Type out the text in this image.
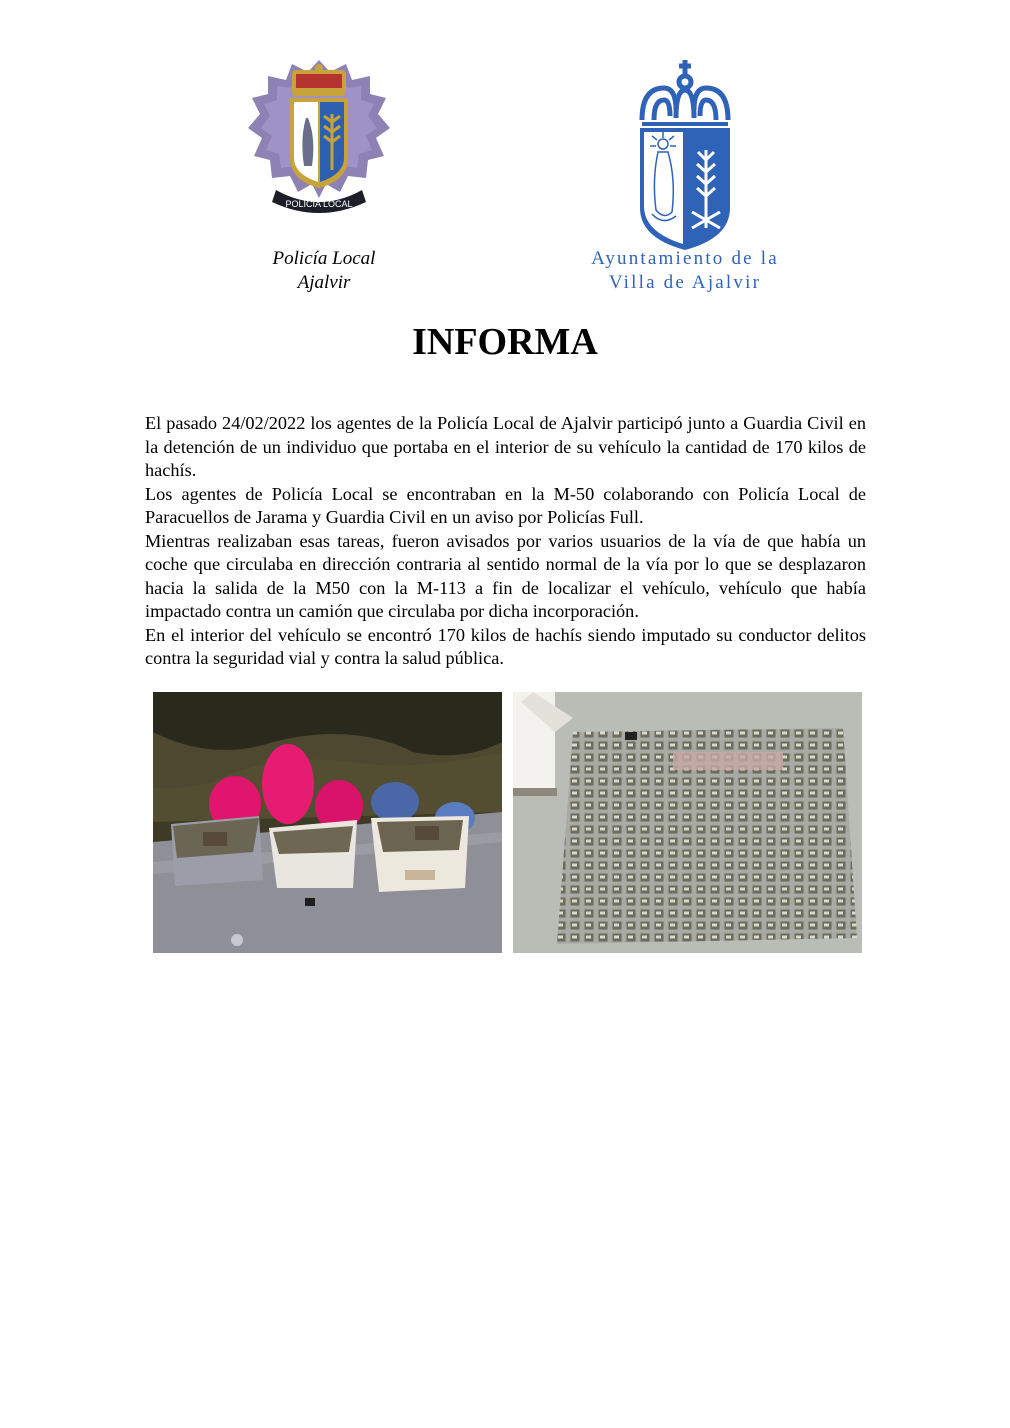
POLICIA LOCAL
Policía Local
Ajalvir
Ayuntamiento de la
Villa de Ajalvir
INFORMA

El pasado 24/02/2022 los agentes de la Policía Local de Ajalvir participó junto a Guardia Civil en la detención de un individuo que portaba en el interior de su vehículo la cantidad de 170 kilos de hachís.

Los agentes de Policía Local se encontraban en la M-50 colaborando con Policía Local de Paracuellos de Jarama y Guardia Civil en un aviso por Policías Full.

Mientras realizaban esas tareas, fueron avisados por varios usuarios de la vía de que había un coche que circulaba en dirección contraria al sentido normal de la vía por lo que se desplazaron hacia la salida de la M50 con la M-113 a fin de localizar el vehículo, vehículo que había impactado contra un camión que circulaba por dicha incorporación.

En el interior del vehículo se encontró 170 kilos de hachís siendo imputado su conductor delitos contra la seguridad vial y contra la salud pública.
